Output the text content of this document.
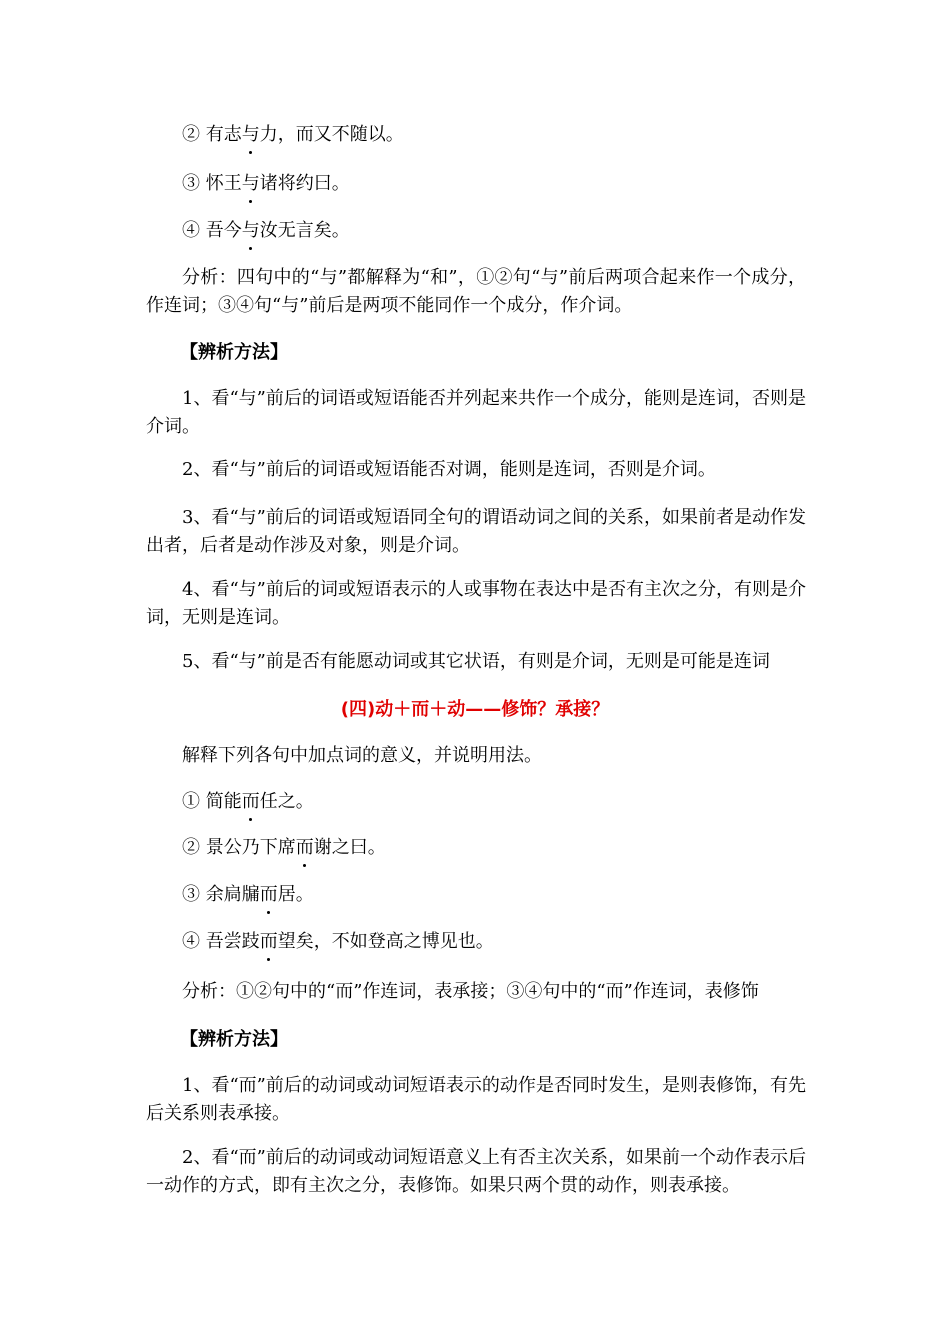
② 有志与力，而又不随以。
③ 怀王与诸将约曰。
④ 吾今与汝无言矣。
分析：四句中的“与”都解释为“和”，①②句“与”前后两项合起来作一个成分，作连词；③④句“与”前后是两项不能同作一个成分，作介词。
【辨析方法】
1、看“与”前后的词语或短语能否并列起来共作一个成分，能则是连词，否则是介词。
2、看“与”前后的词语或短语能否对调，能则是连词，否则是介词。
3、看“与”前后的词语或短语同全句的谓语动词之间的关系，如果前者是动作发出者，后者是动作涉及对象，则是介词。
4、看“与”前后的词或短语表示的人或事物在表达中是否有主次之分，有则是介词，无则是连词。
5、看“与”前是否有能愿动词或其它状语，有则是介词，无则是可能是连词
(四)动＋而＋动——修饰？承接？
解释下列各句中加点词的意义，并说明用法。
① 简能而任之。
② 景公乃下席而谢之曰。
③ 余扃牖而居。
④ 吾尝跂而望矣，不如登高之博见也。
分析：①②句中的“而”作连词，表承接；③④句中的“而”作连词，表修饰
【辨析方法】
1、看“而”前后的动词或动词短语表示的动作是否同时发生，是则表修饰，有先后关系则表承接。
2、看“而”前后的动词或动词短语意义上有否主次关系，如果前一个动作表示后一动作的方式，即有主次之分，表修饰。如果只两个贯的动作，则表承接。
